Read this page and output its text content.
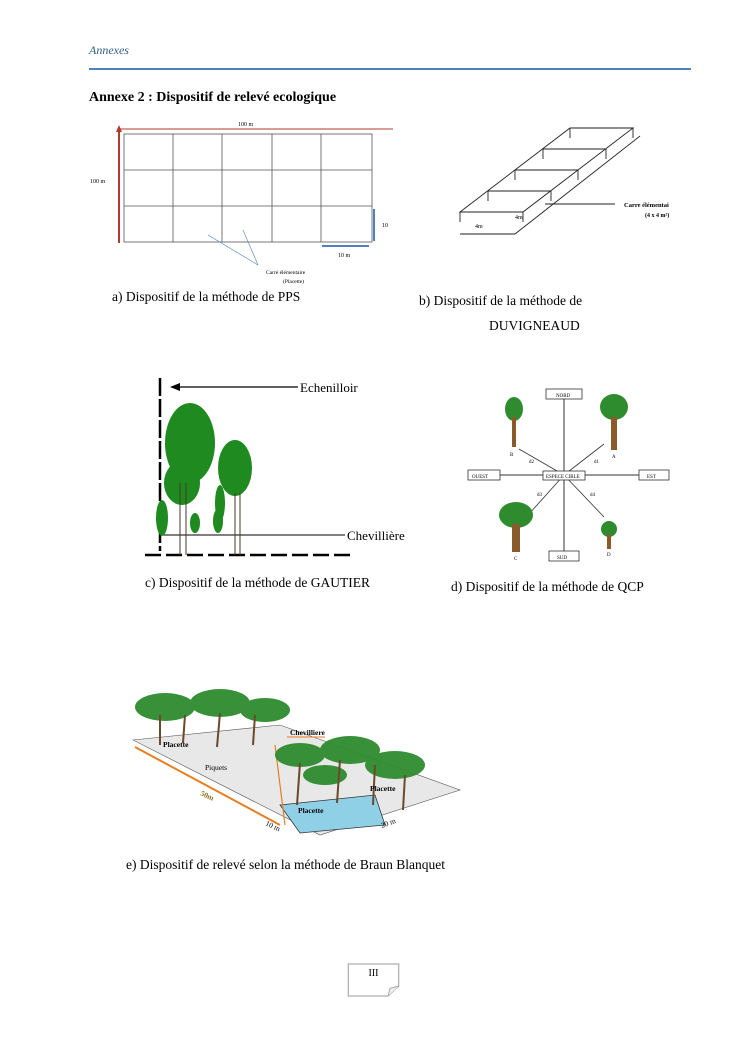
Annexes
Annexe 2 : Dispositif de relevé ecologique
100 m
100 m
10
10 m
Carré élémentaire
(Placette)
a) Dispositif de la méthode de PPS
4m
4m
Carre élémentai
(4 x 4 m²)
b) Dispositif de la méthode de
DUVIGNEAUD
Echenilloir
Chevillière
c) Dispositif de la méthode de GAUTIER
NORD
SUD
OUEST	EST
ESPECE CIBLE
B	A
C
D
d2	d1
d3	d4
d) Dispositif de la méthode de QCP
Chevilliere
Placette
Placette
Placette
Piquets
50m
10 m	20 m
e) Dispositif de relevé selon la méthode de Braun Blanquet
III
